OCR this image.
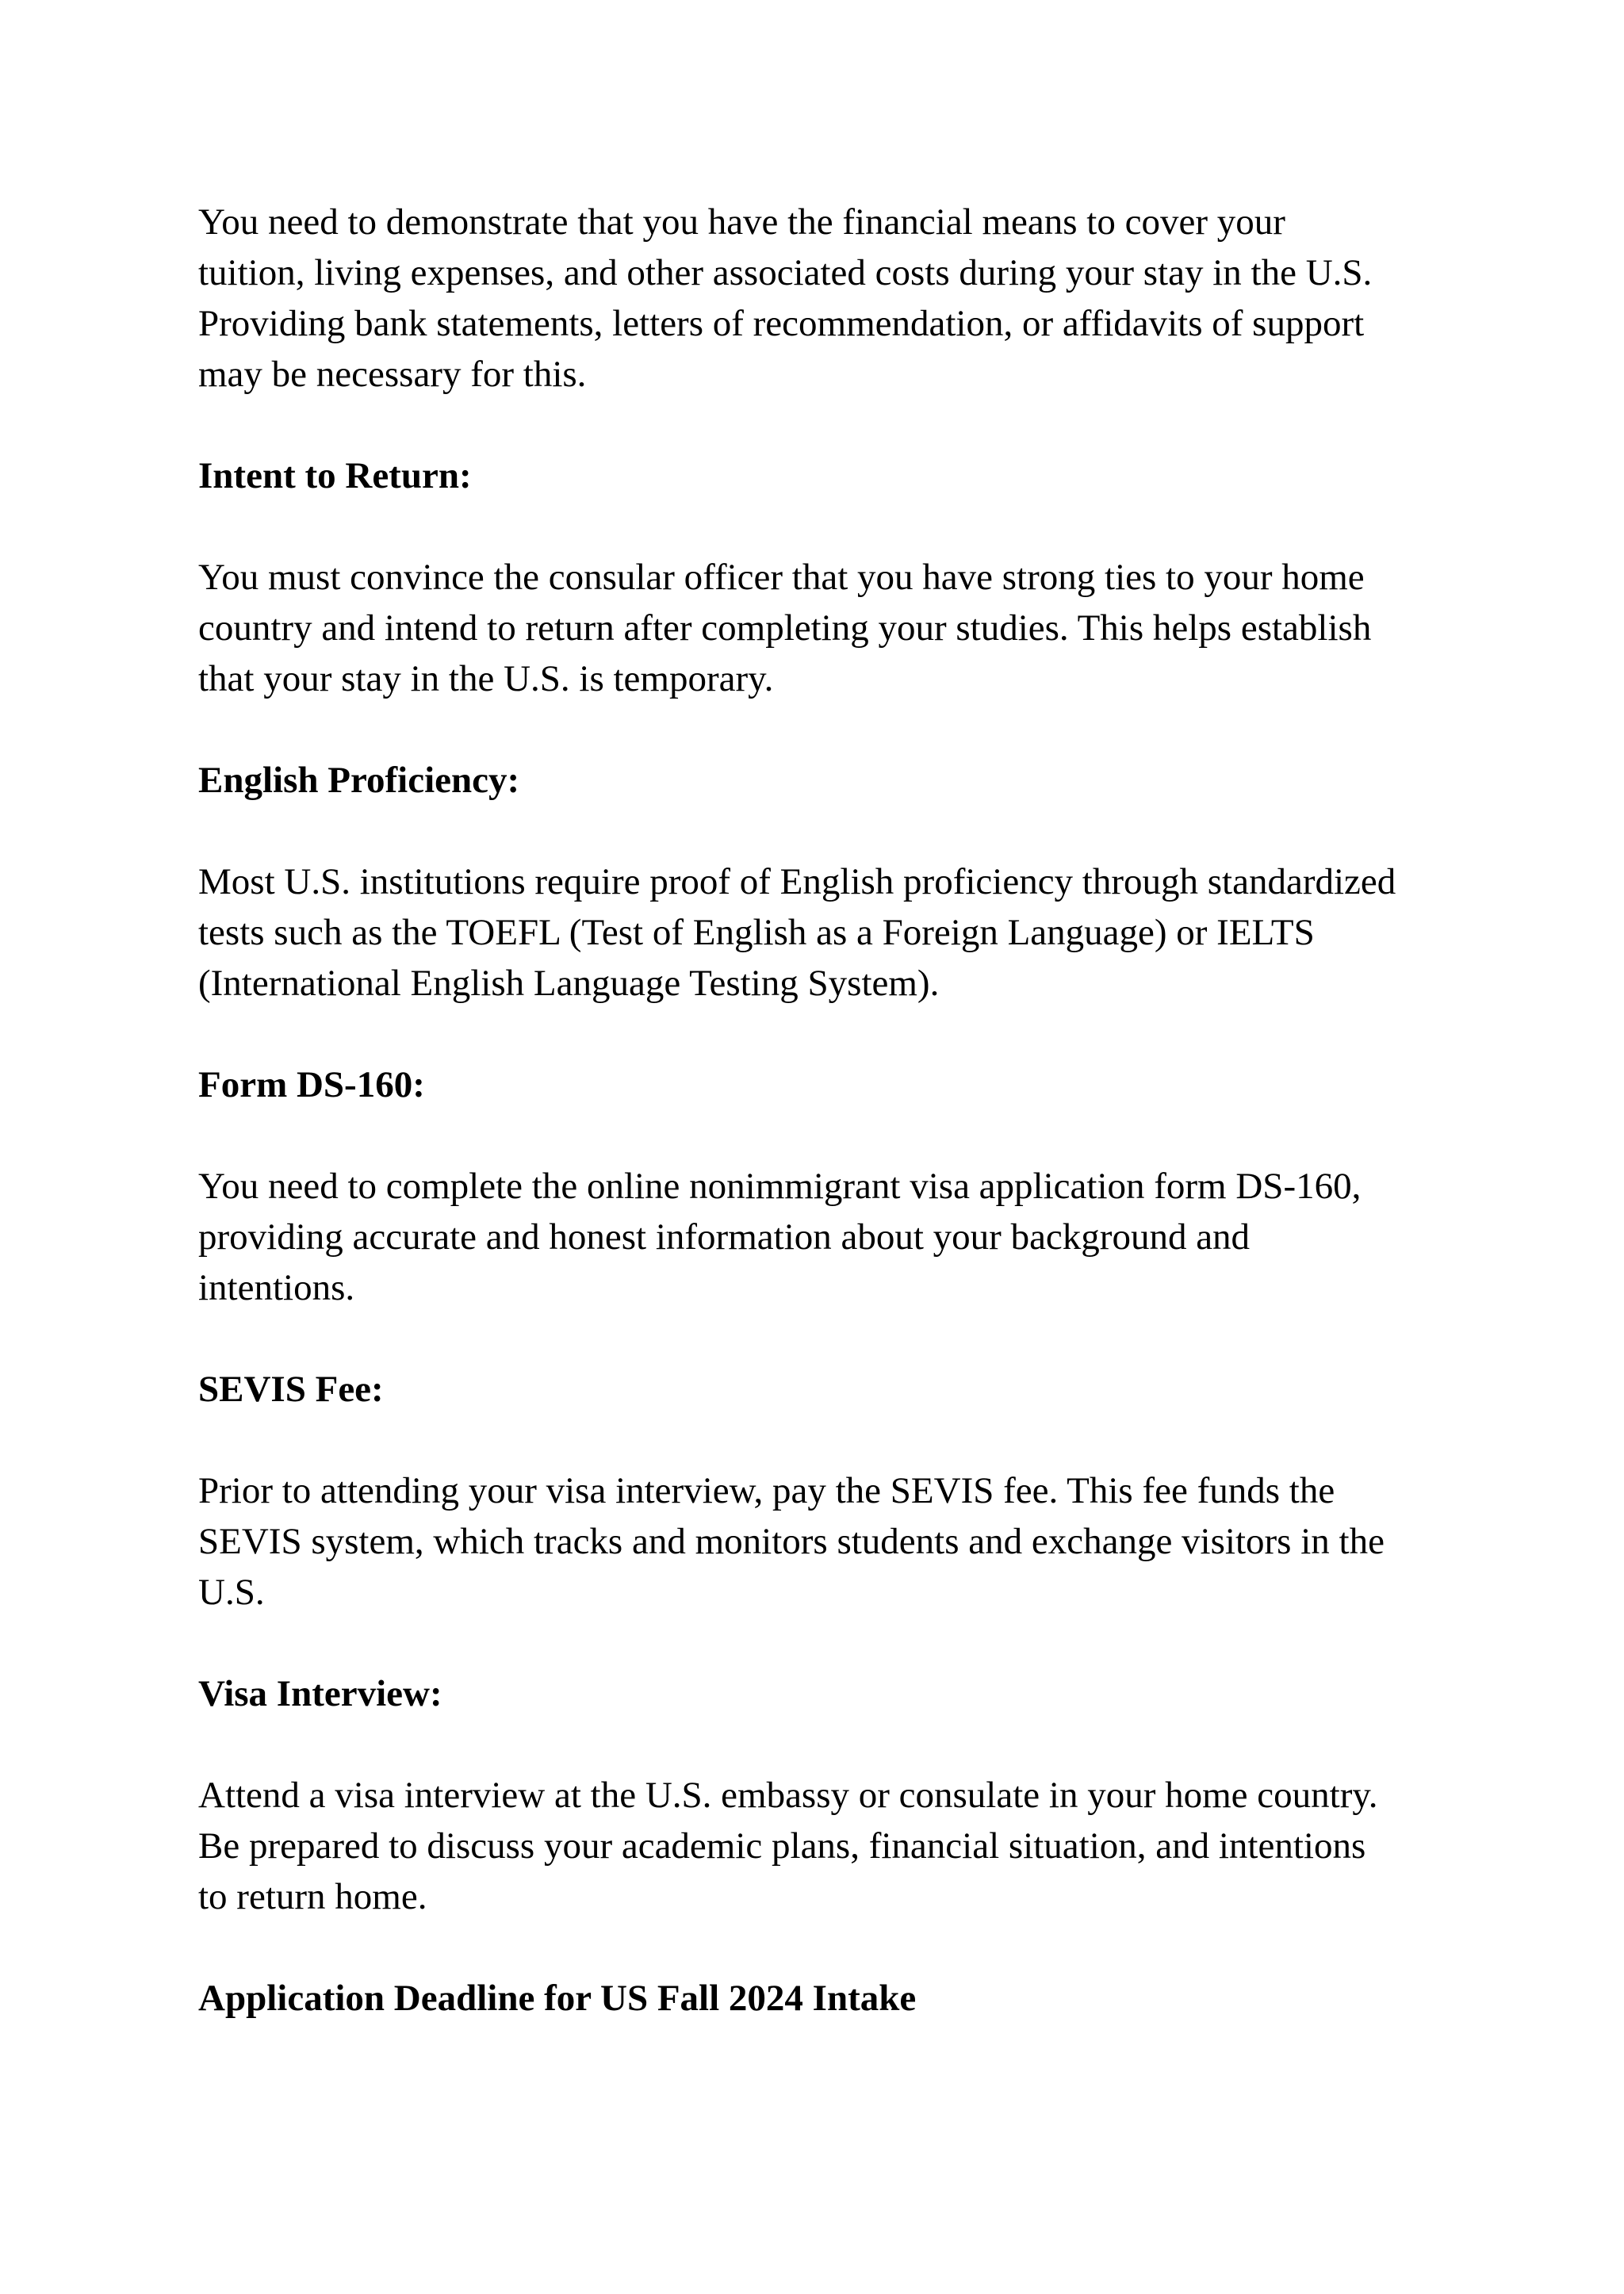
You need to demonstrate that you have the financial means to cover your
tuition, living expenses, and other associated costs during your stay in the U.S.
Providing bank statements, letters of recommendation, or affidavits of support
may be necessary for this.

Intent to Return:

You must convince the consular officer that you have strong ties to your home
country and intend to return after completing your studies. This helps establish
that your stay in the U.S. is temporary.

English Proficiency:

Most U.S. institutions require proof of English proficiency through standardized
tests such as the TOEFL (Test of English as a Foreign Language) or IELTS
(International English Language Testing System).

Form DS-160:

You need to complete the online nonimmigrant visa application form DS-160,
providing accurate and honest information about your background and
intentions.

SEVIS Fee:

Prior to attending your visa interview, pay the SEVIS fee. This fee funds the
SEVIS system, which tracks and monitors students and exchange visitors in the
U.S.

Visa Interview:

Attend a visa interview at the U.S. embassy or consulate in your home country.
Be prepared to discuss your academic plans, financial situation, and intentions
to return home.

Application Deadline for US Fall 2024 Intake
